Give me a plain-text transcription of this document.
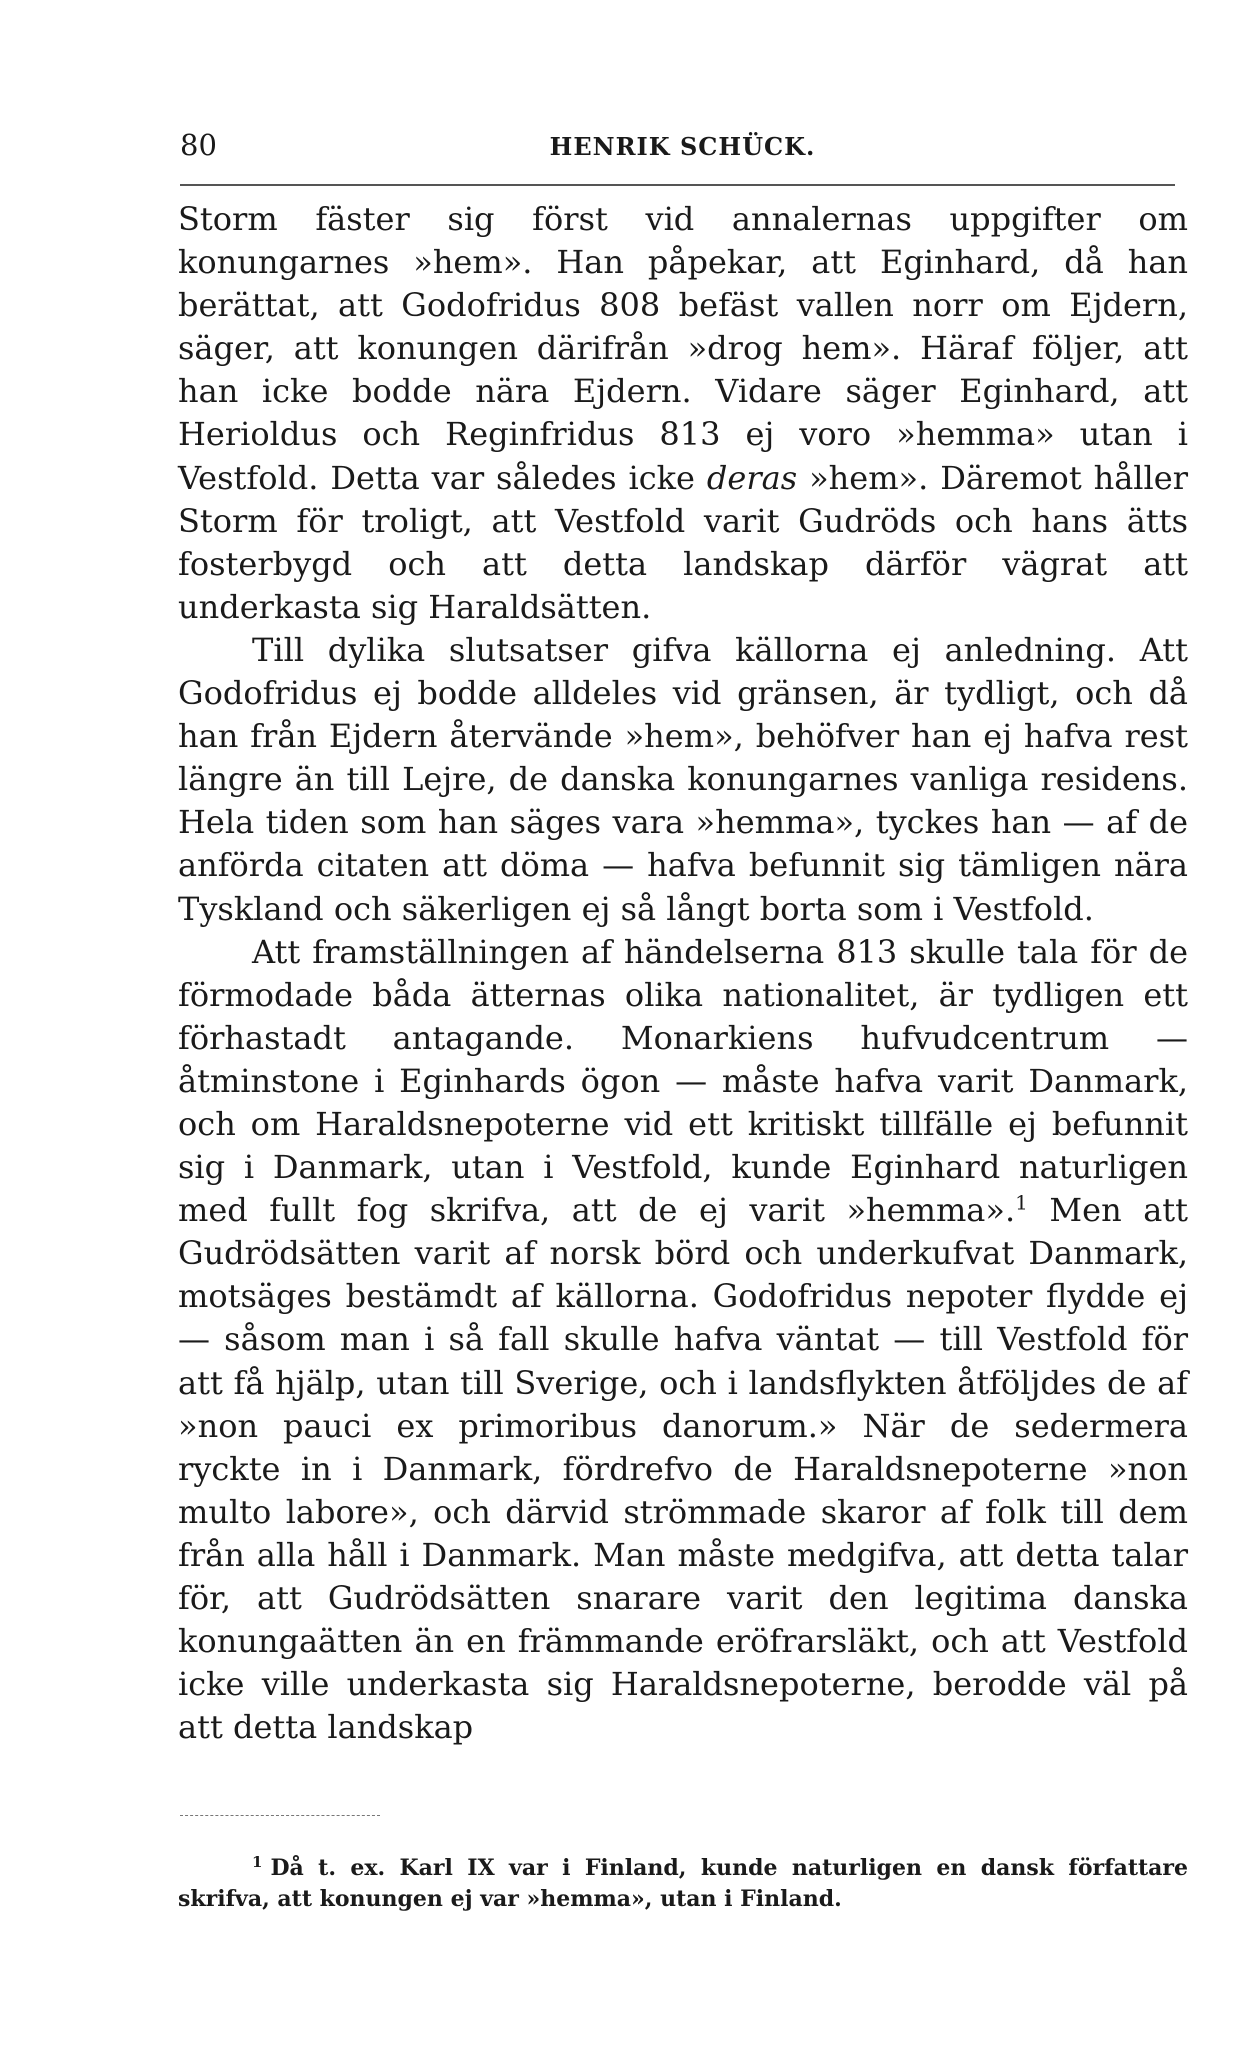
80	HENRIK SCHÜCK.

Storm fäster sig först vid annalernas uppgifter om konungarnes »hem». Han påpekar, att Eginhard, då han berättat, att Godofridus 808 befäst vallen norr om Ejdern, säger, att konungen därifrån »drog hem». Häraf följer, att han icke bodde nära Ejdern. Vidare säger Eginhard, att Herioldus och Reginfridus 813 ej voro »hemma» utan i Vestfold. Detta var således icke deras »hem». Däremot håller Storm för troligt, att Vestfold varit Gudröds och hans ätts fosterbygd och att detta landskap därför vägrat att underkasta sig Haraldsätten.

Till dylika slutsatser gifva källorna ej anledning. Att Godofridus ej bodde alldeles vid gränsen, är tydligt, och då han från Ejdern återvände »hem», behöfver han ej hafva rest längre än till Lejre, de danska konungarnes vanliga residens. Hela tiden som han säges vara »hemma», tyckes han — af de anförda citaten att döma — hafva befunnit sig tämligen nära Tyskland och säkerligen ej så långt borta som i Vestfold.

Att framställningen af händelserna 813 skulle tala för de förmodade båda ätternas olika nationalitet, är tydligen ett förhastadt antagande. Monarkiens hufvudcentrum — åtminstone i Eginhards ögon — måste hafva varit Danmark, och om Haraldsnepoterne vid ett kritiskt tillfälle ej befunnit sig i Danmark, utan i Vestfold, kunde Eginhard naturligen med fullt fog skrifva, att de ej varit »hemma».$^1$ Men att Gudrödsätten varit af norsk börd och underkufvat Danmark, motsäges bestämdt af källorna. Godofridus nepoter flydde ej — såsom man i så fall skulle hafva väntat — till Vestfold för att få hjälp, utan till Sverige, och i landsflykten åtföljdes de af »non pauci ex primoribus danorum.» När de sedermera ryckte in i Danmark, fördrefvo de Haraldsnepoterne »non multo labore», och därvid strömmade skaror af folk till dem från alla håll i Danmark. Man måste medgifva, att detta talar för, att Gudrödsätten snarare varit den legitima danska konungaätten än en främmande eröfrarsläkt, och att Vestfold icke ville underkasta sig Haraldsnepoterne, berodde väl på att detta landskap

$^1$ Då t. ex. Karl IX var i Finland, kunde naturligen en dansk författare skrifva, att konungen ej var »hemma», utan i Finland.
